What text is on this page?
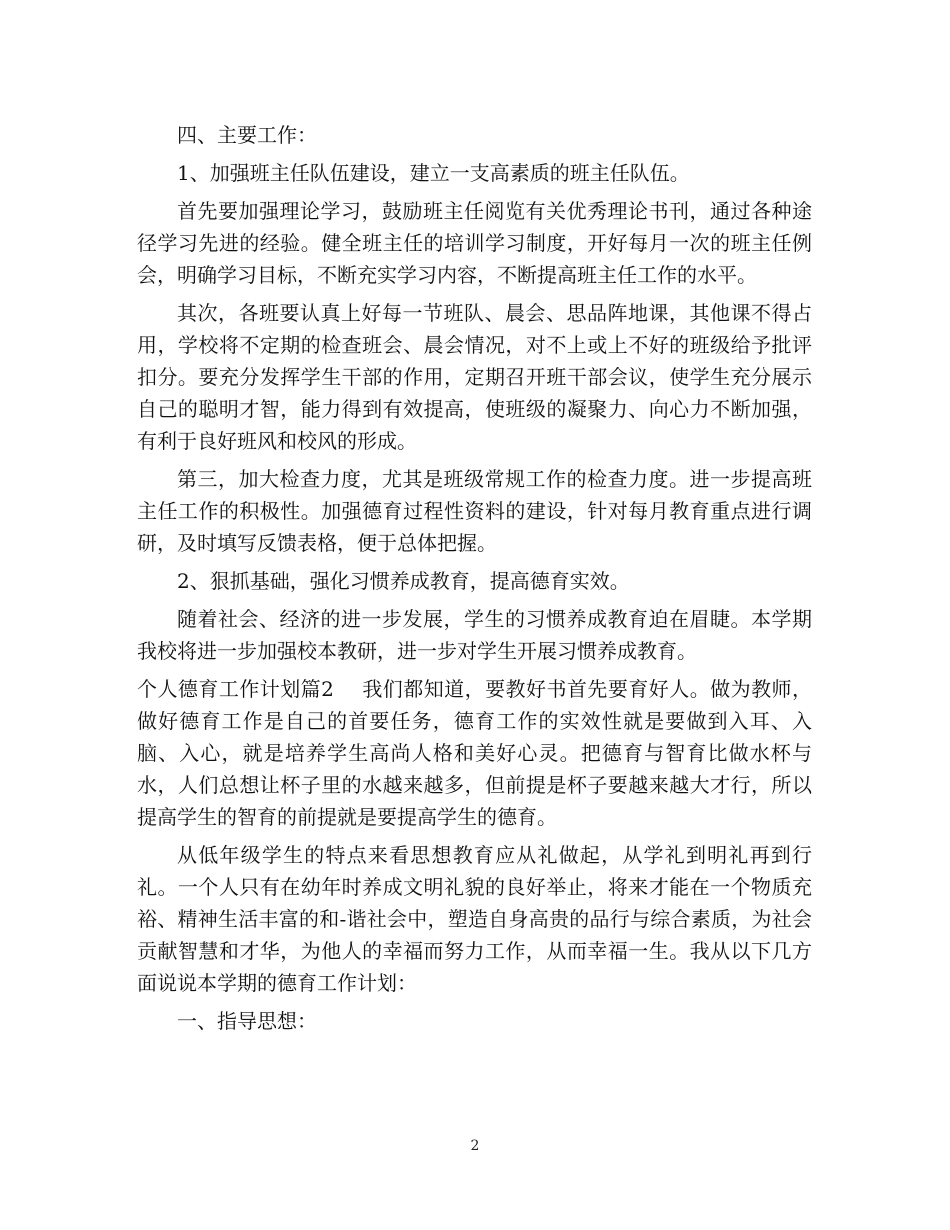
四、主要工作：

1、加强班主任队伍建设，建立一支高素质的班主任队伍。

首先要加强理论学习，鼓励班主任阅览有关优秀理论书刊，通过各种途径学习先进的经验。健全班主任的培训学习制度，开好每月一次的班主任例会，明确学习目标，不断充实学习内容，不断提高班主任工作的水平。

其次，各班要认真上好每一节班队、晨会、思品阵地课，其他课不得占用，学校将不定期的检查班会、晨会情况，对不上或上不好的班级给予批评扣分。要充分发挥学生干部的作用，定期召开班干部会议，使学生充分展示自己的聪明才智，能力得到有效提高，使班级的凝聚力、向心力不断加强，有利于良好班风和校风的形成。

第三，加大检查力度，尤其是班级常规工作的检查力度。进一步提高班主任工作的积极性。加强德育过程性资料的建设，针对每月教育重点进行调研，及时填写反馈表格，便于总体把握。

2、狠抓基础，强化习惯养成教育，提高德育实效。

随着社会、经济的进一步发展，学生的习惯养成教育迫在眉睫。本学期我校将进一步加强校本教研，进一步对学生开展习惯养成教育。

个人德育工作计划篇2 我们都知道，要教好书首先要育好人。做为教师，做好德育工作是自己的首要任务，德育工作的实效性就是要做到入耳、入脑、入心，就是培养学生高尚人格和美好心灵。把德育与智育比做水杯与水，人们总想让杯子里的水越来越多，但前提是杯子要越来越大才行，所以提高学生的智育的前提就是要提高学生的德育。

从低年级学生的特点来看思想教育应从礼做起，从学礼到明礼再到行礼。一个人只有在幼年时养成文明礼貌的良好举止，将来才能在一个物质充裕、精神生活丰富的和-谐社会中，塑造自身高贵的品行与综合素质，为社会贡献智慧和才华，为他人的幸福而努力工作，从而幸福一生。我从以下几方面说说本学期的德育工作计划：

一、指导思想：

2
